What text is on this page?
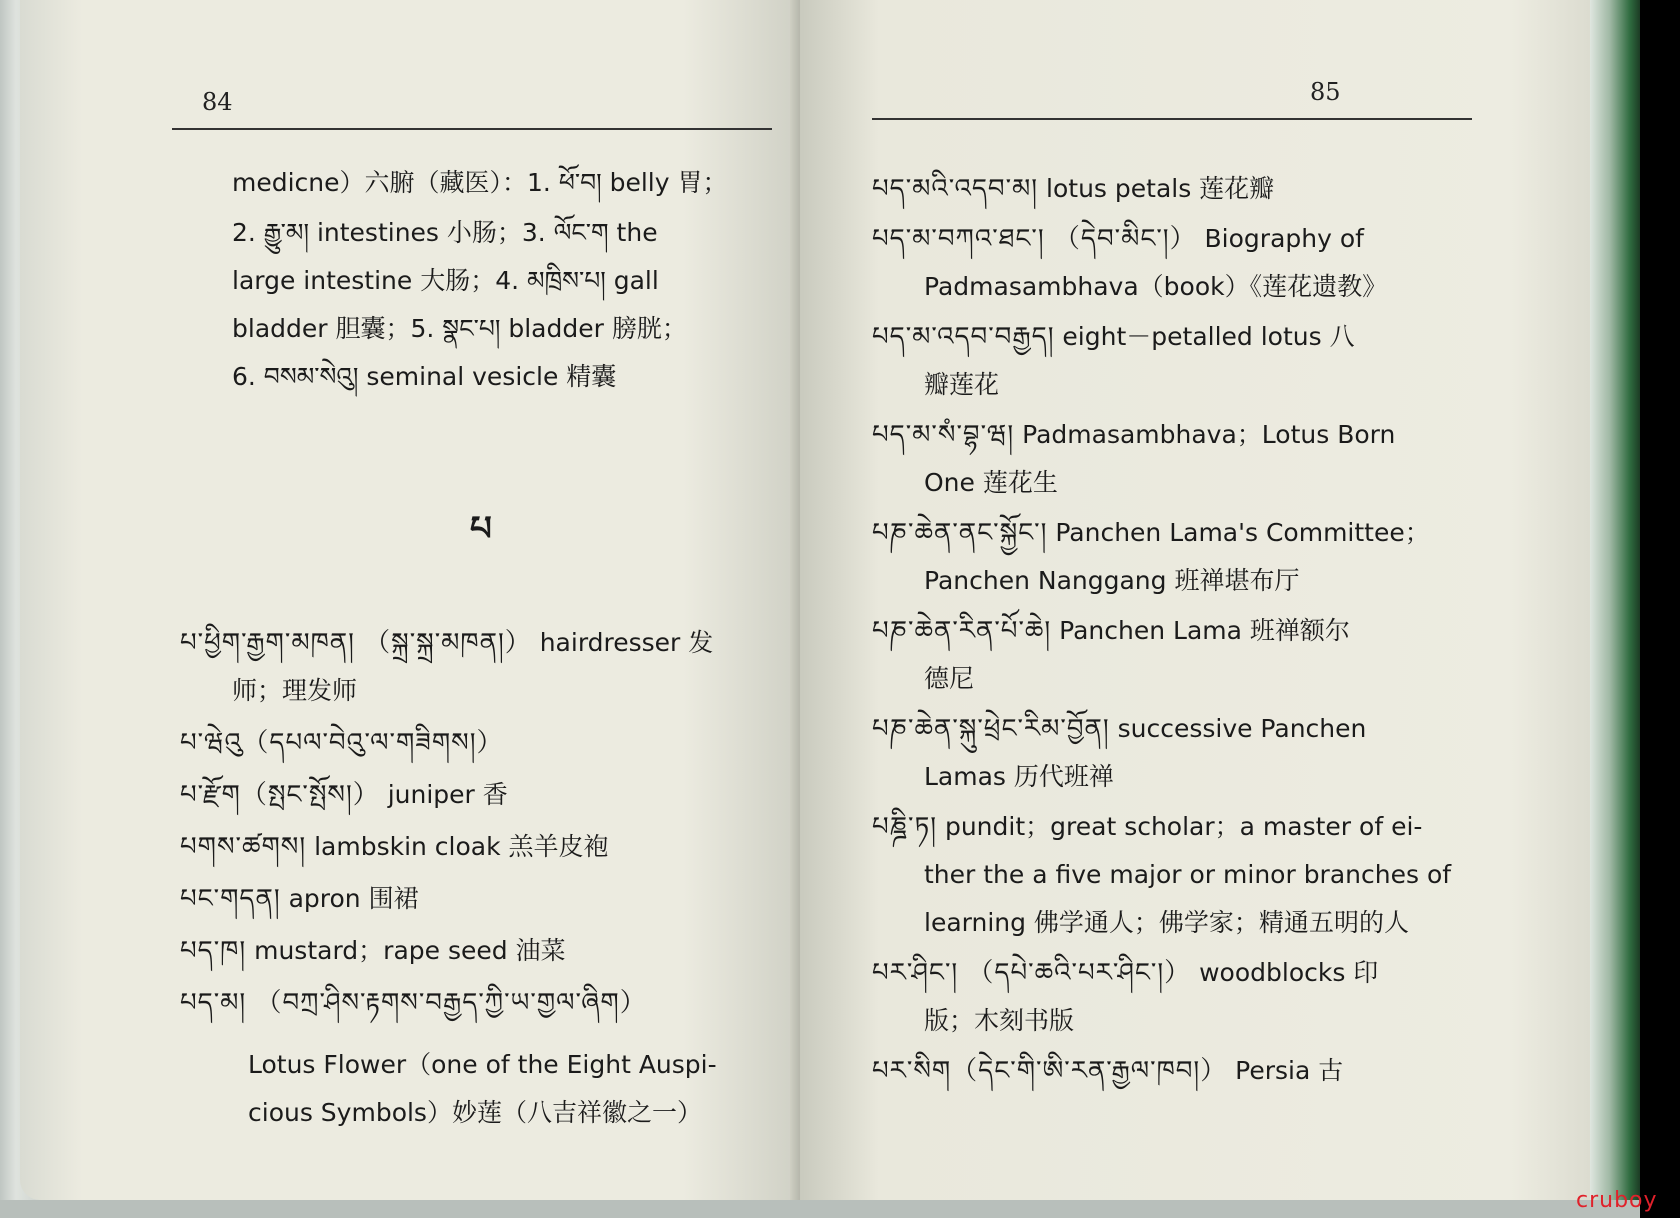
84
medicne）六腑（藏医）：1. ཕོ་བ། belly 胃；
2. རྒྱུ་མ། intestines 小肠；3. ལོང་ག the
large intestine 大肠；4. མཁྲིས་པ། gall
bladder 胆囊；5. སྣང་པ། bladder 膀胱；
6. བསམ་སེའུ། seminal vesicle 精囊
པ
པ་ཕྱིག་རྒྱག་མཁན། （སྐྲ་སྐྲ་མཁན།） hairdresser 发
师；理发师
པ་ཝེའུ（དཔལ་བེའུ་ལ་གཟིགས།）
པ་རྫོག（སྤང་སྤོས།） juniper 香
པགས་ཚགས། lambskin cloak 羔羊皮袍
པང་གདན། apron 围裙
པད་ཁ། mustard；rape seed 油菜
པད་མ། （བཀྲ་ཤིས་རྟགས་བརྒྱད་ཀྱི་ཡ་གྱལ་ཞིག）
Lotus Flower（one of the Eight Auspi-
cious Symbols）妙莲（八吉祥徽之一）
85
པད་མའི་འདབ་མ། lotus petals 莲花瓣
པད་མ་བཀའ་ཐང་། （དེབ་མིང་།） Biography of
Padmasambhava（book）《莲花遗教》
པད་མ་འདབ་བརྒྱད། eight－petalled lotus 八
瓣莲花
པད་མ་སཾ་བྷ་ཝ། Padmasambhava；Lotus Born
One 莲花生
པཎ་ཆེན་ནང་སྐྱོང་། Panchen Lama's Committee；
Panchen Nanggang 班禅堪布厅
པཎ་ཆེན་རིན་པོ་ཆེ། Panchen Lama 班禅额尔
德尼
པཎ་ཆེན་སྐུ་ཕྲེང་རིམ་བྱོན། successive Panchen
Lamas 历代班禅
པཎྜི་ཏ། pundit；great scholar；a master of ei-
ther the a five major or minor branches of
learning 佛学通人；佛学家；精通五明的人
པར་ཤིང་། （དཔེ་ཆའི་པར་ཤིང་།） woodblocks 印
版；木刻书版
པར་སིག（དེང་གི་ཨི་རན་རྒྱལ་ཁབ།） Persia 古
cruboy
